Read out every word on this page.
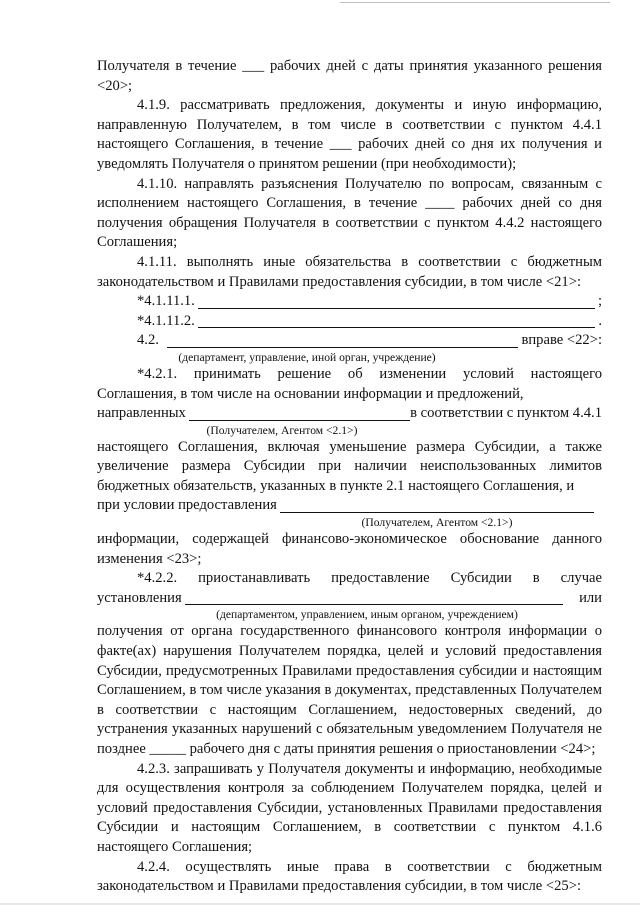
Получателя в течение ___ рабочих дней с даты принятия указанного решения <20>;

4.1.9. рассматривать предложения, документы и иную информацию, направленную Получателем, в том числе в соответствии с пунктом 4.4.1 настоящего Соглашения, в течение ___ рабочих дней со дня их получения и уведомлять Получателя о принятом решении (при необходимости);

4.1.10. направлять разъяснения Получателю по вопросам, связанным с исполнением настоящего Соглашения, в течение ____ рабочих дней со дня получения обращения Получателя в соответствии с пунктом 4.4.2 настоящего Соглашения;

4.1.11. выполнять иные обязательства в соответствии с бюджетным законодательством и Правилами предоставления субсидии, в том числе <21>:

*4.1.11.1.	;
*4.1.11.2.	.
4.2.	вправе <22>:
(департамент, управление, иной орган, учреждение)

*4.2.1. принимать решение об изменении условий настоящего Соглашения, в том числе на основании информации и предложений,

направленных	в соответствии с пунктом 4.4.1
(Получателем, Агентом <2.1>)

настоящего Соглашения, включая уменьшение размера Субсидии, а также увеличение размера Субсидии при наличии неиспользованных лимитов бюджетных обязательств, указанных в пункте 2.1 настоящего Соглашения, и

при условии предоставления
(Получателем, Агентом <2.1>)

информации, содержащей финансово-экономическое обоснование данного изменения <23>;

*4.2.2. приостанавливать предоставление Субсидии в случае

установления	или
(департаментом, управлением, иным органом, учреждением)

получения от органа государственного финансового контроля информации о факте(ах) нарушения Получателем порядка, целей и условий предоставления Субсидии, предусмотренных Правилами предоставления субсидии и настоящим Соглашением, в том числе указания в документах, представленных Получателем в соответствии с настоящим Соглашением, недостоверных сведений, до устранения указанных нарушений с обязательным уведомлением Получателя не позднее _____ рабочего дня с даты принятия решения о приостановлении <24>;

4.2.3. запрашивать у Получателя документы и информацию, необходимые для осуществления контроля за соблюдением Получателем порядка, целей и условий предоставления Субсидии, установленных Правилами предоставления Субсидии и настоящим Соглашением, в соответствии с пунктом 4.1.6 настоящего Соглашения;

4.2.4. осуществлять иные права в соответствии с бюджетным законодательством и Правилами предоставления субсидии, в том числе <25>:
